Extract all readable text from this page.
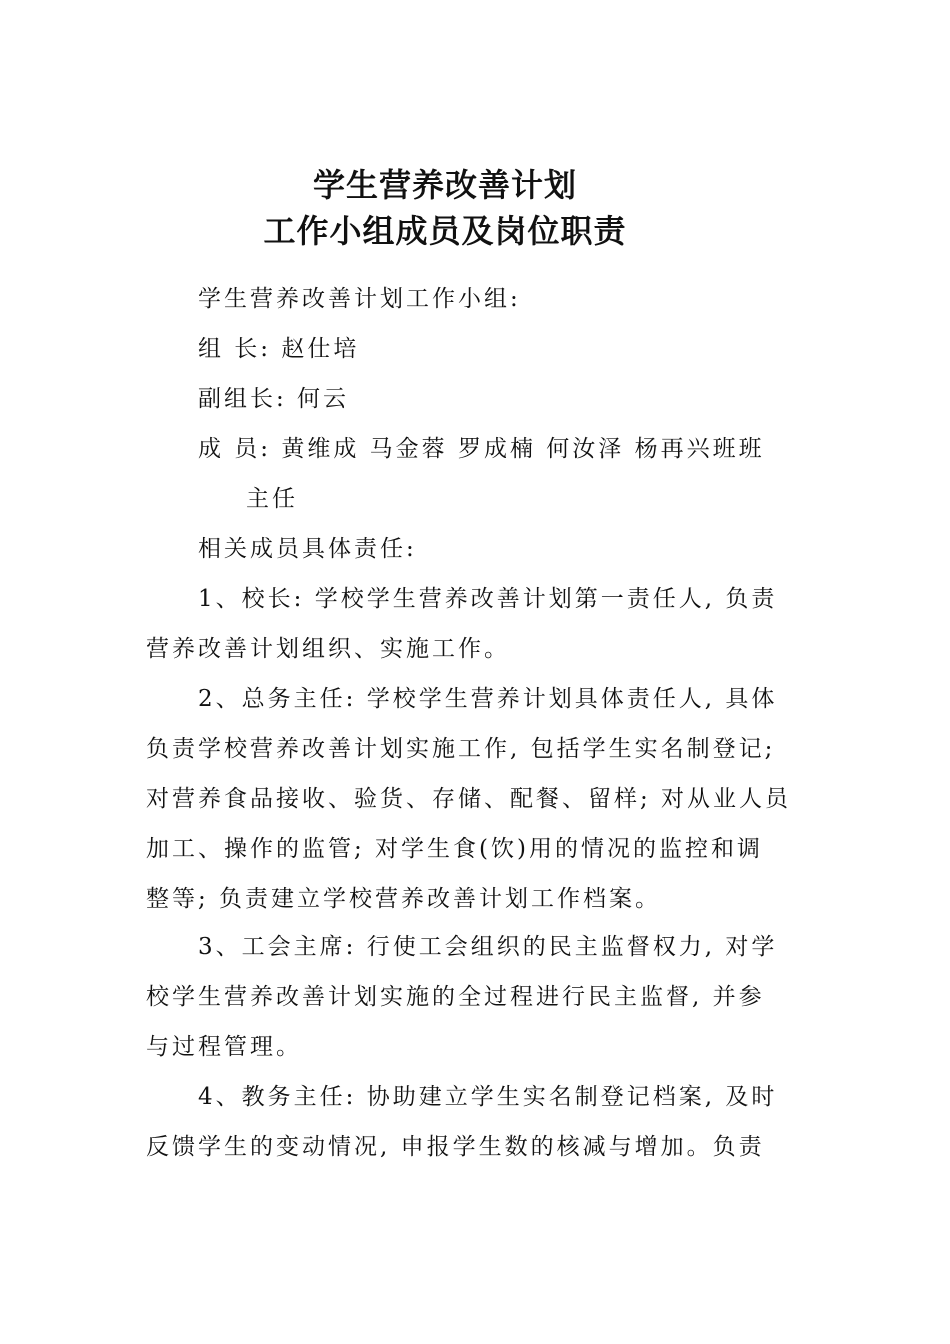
学生营养改善计划
工作小组成员及岗位职责
学生营养改善计划工作小组:
组 长: 赵仕培
副组长: 何云
成 员: 黄维成 马金蓉 罗成楠 何汝泽 杨再兴班班
主任
相关成员具体责任:
1、校长: 学校学生营养改善计划第一责任人, 负责
营养改善计划组织、实施工作。
2、总务主任: 学校学生营养计划具体责任人, 具体
负责学校营养改善计划实施工作, 包括学生实名制登记;
对营养食品接收、验货、存储、配餐、留样; 对从业人员
加工、操作的监管; 对学生食(饮)用的情况的监控和调
整等; 负责建立学校营养改善计划工作档案。
3、工会主席: 行使工会组织的民主监督权力, 对学
校学生营养改善计划实施的全过程进行民主监督, 并参
与过程管理。
4、教务主任: 协助建立学生实名制登记档案, 及时
反馈学生的变动情况, 申报学生数的核减与增加。负责
